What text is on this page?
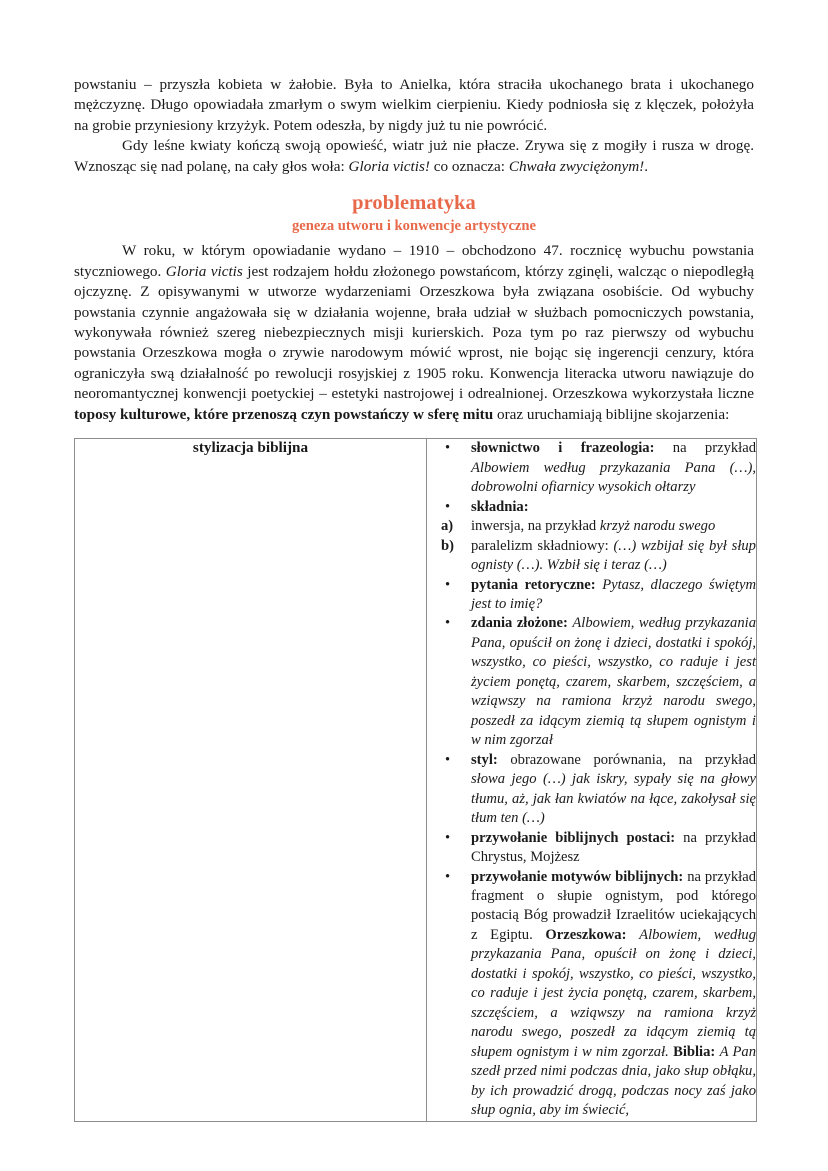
powstaniu – przyszła kobieta w żałobie. Była to Anielka, która straciła ukochanego brata i ukochanego mężczyznę. Długo opowiadała zmarłym o swym wielkim cierpieniu. Kiedy podniosła się z klęczek, położyła na grobie przyniesiony krzyżyk. Potem odeszła, by nigdy już tu nie powrócić.

Gdy leśne kwiaty kończą swoją opowieść, wiatr już nie płacze. Zrywa się z mogiły i rusza w drogę. Wznosząc się nad polanę, na cały głos woła: Gloria victis! co oznacza: Chwała zwyciężonym!.

problematyka
geneza utworu i konwencje artystyczne

W roku, w którym opowiadanie wydano – 1910 – obchodzono 47. rocznicę wybuchu powstania styczniowego. Gloria victis jest rodzajem hołdu złożonego powstańcom, którzy zginęli, walcząc o niepodległą ojczyznę. Z opisywanymi w utworze wydarzeniami Orzeszkowa była związana osobiście. Od wybuchy powstania czynnie angażowała się w działania wojenne, brała udział w służbach pomocniczych powstania, wykonywała również szereg niebezpiecznych misji kurierskich. Poza tym po raz pierwszy od wybuchu powstania Orzeszkowa mogła o zrywie narodowym mówić wprost, nie bojąc się ingerencji cenzury, która ograniczyła swą działalność po rewolucji rosyjskiej z 1905 roku. Konwencja literacka utworu nawiązuje do neoromantycznej konwencji poetyckiej – estetyki nastrojowej i odrealnionej. Orzeszkowa wykorzystała liczne toposy kulturowe, które przenoszą czyn powstańczy w sferę mitu oraz uruchamiają biblijne skojarzenia:

stylizacja biblijna	•	słownictwo i frazeologia: na przykład Albowiem według przykazania Pana (…), dobrowolni ofiarnicy wysokich ołtarzy
•	składnia:
a)	inwersja, na przykład krzyż narodu swego
b)	paralelizm składniowy: (…) wzbijał się był słup ognisty (…). Wzbił się i teraz (…)
•	pytania retoryczne: Pytasz, dlaczego świętym jest to imię?
•	zdania złożone: Albowiem, według przykazania Pana, opuścił on żonę i dzieci, dostatki i spokój, wszystko, co pieści, wszystko, co raduje i jest życiem ponętą, czarem, skarbem, szczęściem, a wziąwszy na ramiona krzyż narodu swego, poszedł za idącym ziemią tą słupem ognistym i w nim zgorzał
•	styl: obrazowane porównania, na przykład słowa jego (…) jak iskry, sypały się na głowy tłumu, aż, jak łan kwiatów na łące, zakołysał się tłum ten (…)
•	przywołanie biblijnych postaci: na przykład Chrystus, Mojżesz
•	przywołanie motywów biblijnych: na przykład fragment o słupie ognistym, pod którego postacią Bóg prowadził Izraelitów uciekających z Egiptu. Orzeszkowa: Albowiem, według przykazania Pana, opuścił on żonę i dzieci, dostatki i spokój, wszystko, co pieści, wszystko, co raduje i jest życia ponętą, czarem, skarbem, szczęściem, a wziąwszy na ramiona krzyż narodu swego, poszedł za idącym ziemią tą słupem ognistym i w nim zgorzał. Biblia: A Pan szedł przed nimi podczas dnia, jako słup obłąku, by ich prowadzić drogą, podczas nocy zaś jako słup ognia, aby im świecić,
